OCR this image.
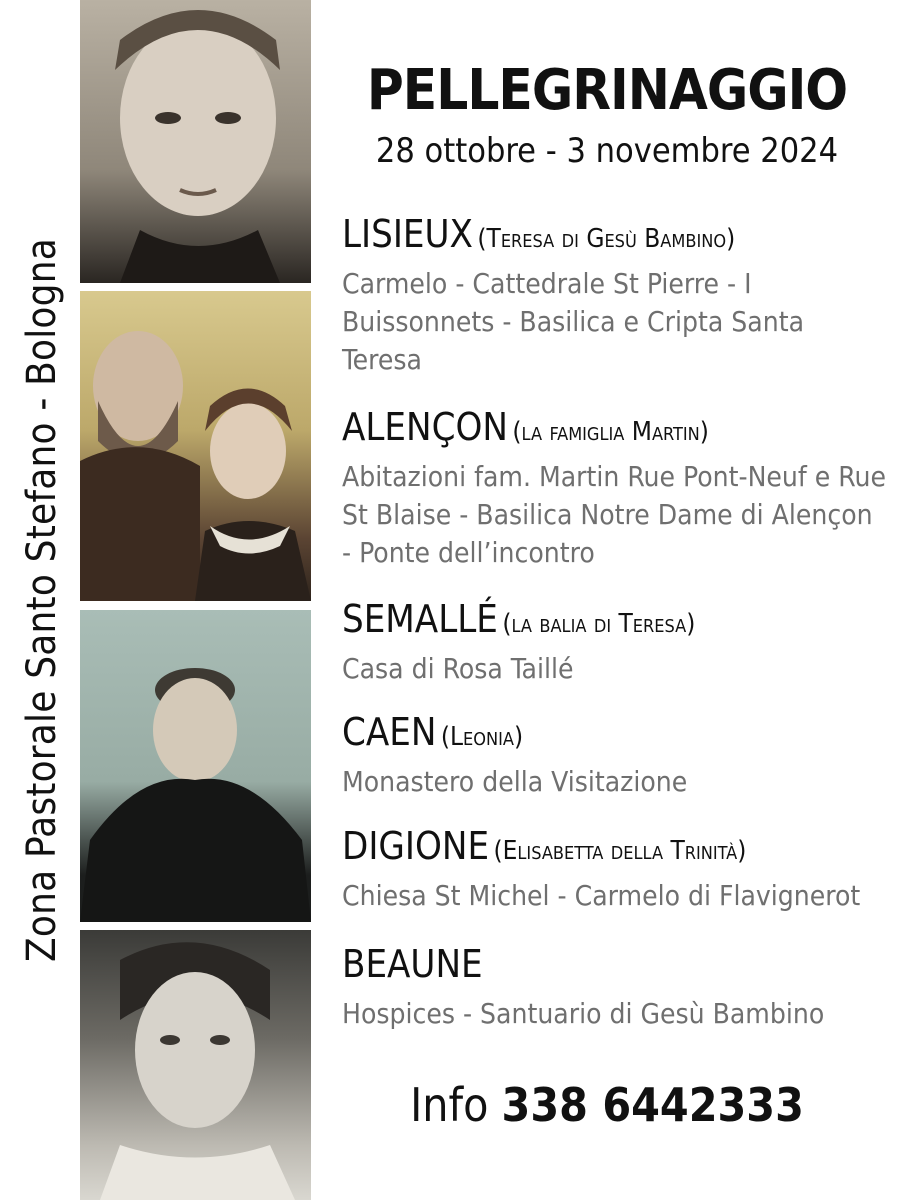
Zona Pastorale Santo Stefano - Bologna
PELLEGRINAGGIO
28 ottobre - 3 novembre 2024
LISIEUX (Teresa di Gesù Bambino)
Carmelo - Cattedrale St Pierre - I Buissonnets - Basilica e Cripta Santa Teresa
ALENÇON (la famiglia Martin)
Abitazioni fam. Martin Rue Pont-Neuf e Rue St Blaise - Basilica Notre Dame di Alençon - Ponte dell’incontro
SEMALLÉ (la balia di Teresa)
Casa di Rosa Taillé
CAEN (Leonia)
Monastero della Visitazione
DIGIONE (Elisabetta della Trinità)
Chiesa St Michel - Carmelo di Flavignerot
BEAUNE
Hospices - Santuario di Gesù Bambino
Info 338 6442333
